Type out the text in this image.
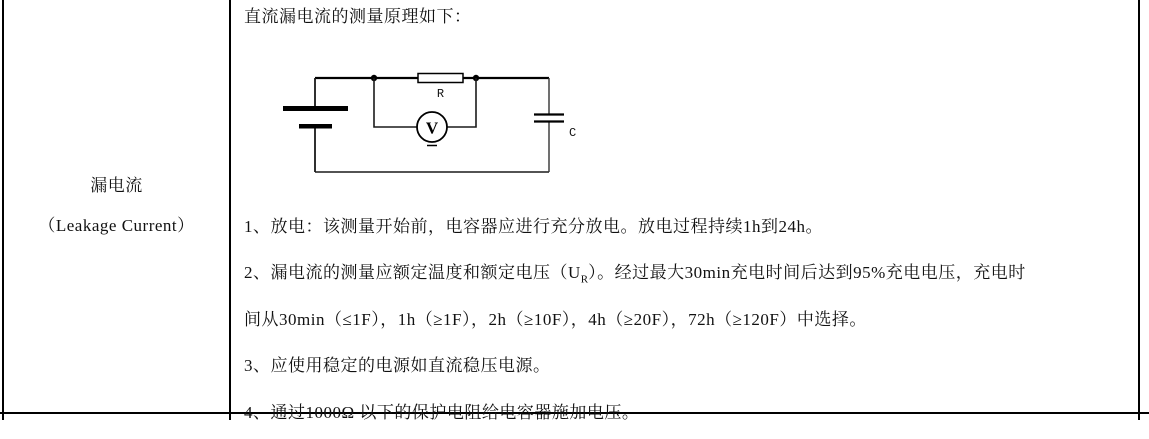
漏电流
（Leakage Current）
直流漏电流的测量原理如下：
R
V	C
1、放电：该测量开始前，电容器应进行充分放电。放电过程持续1h到24h。
2、漏电流的测量应额定温度和额定电压$(U_R)$。经过最大30min充电时间后达到95%充电电压，充电时
间从30min（≤1F），1h（≥1F），2h（≥10F），4h（≥20F），72h（≥120F）中选择。
3、应使用稳定的电源如直流稳压电源。
4、通过1000Ω 以下的保护电阻给电容器施加电压。
